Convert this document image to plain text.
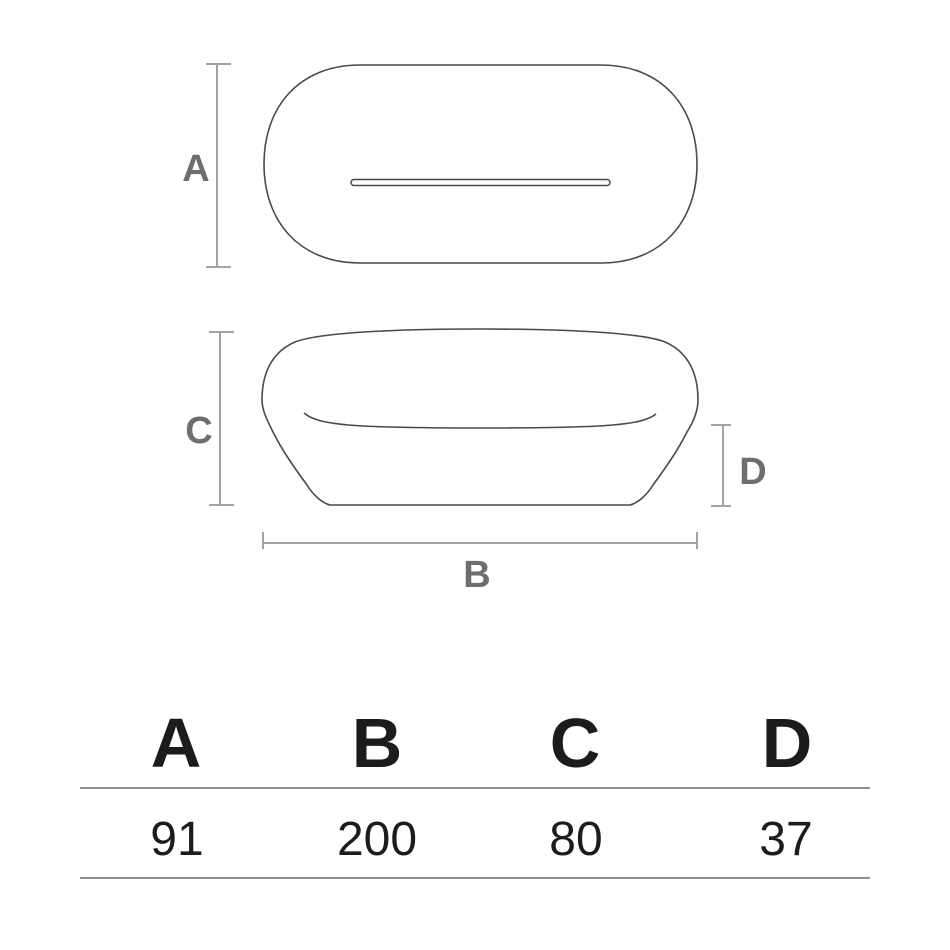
A
C
D
B
A B C D
91	200	80	37
